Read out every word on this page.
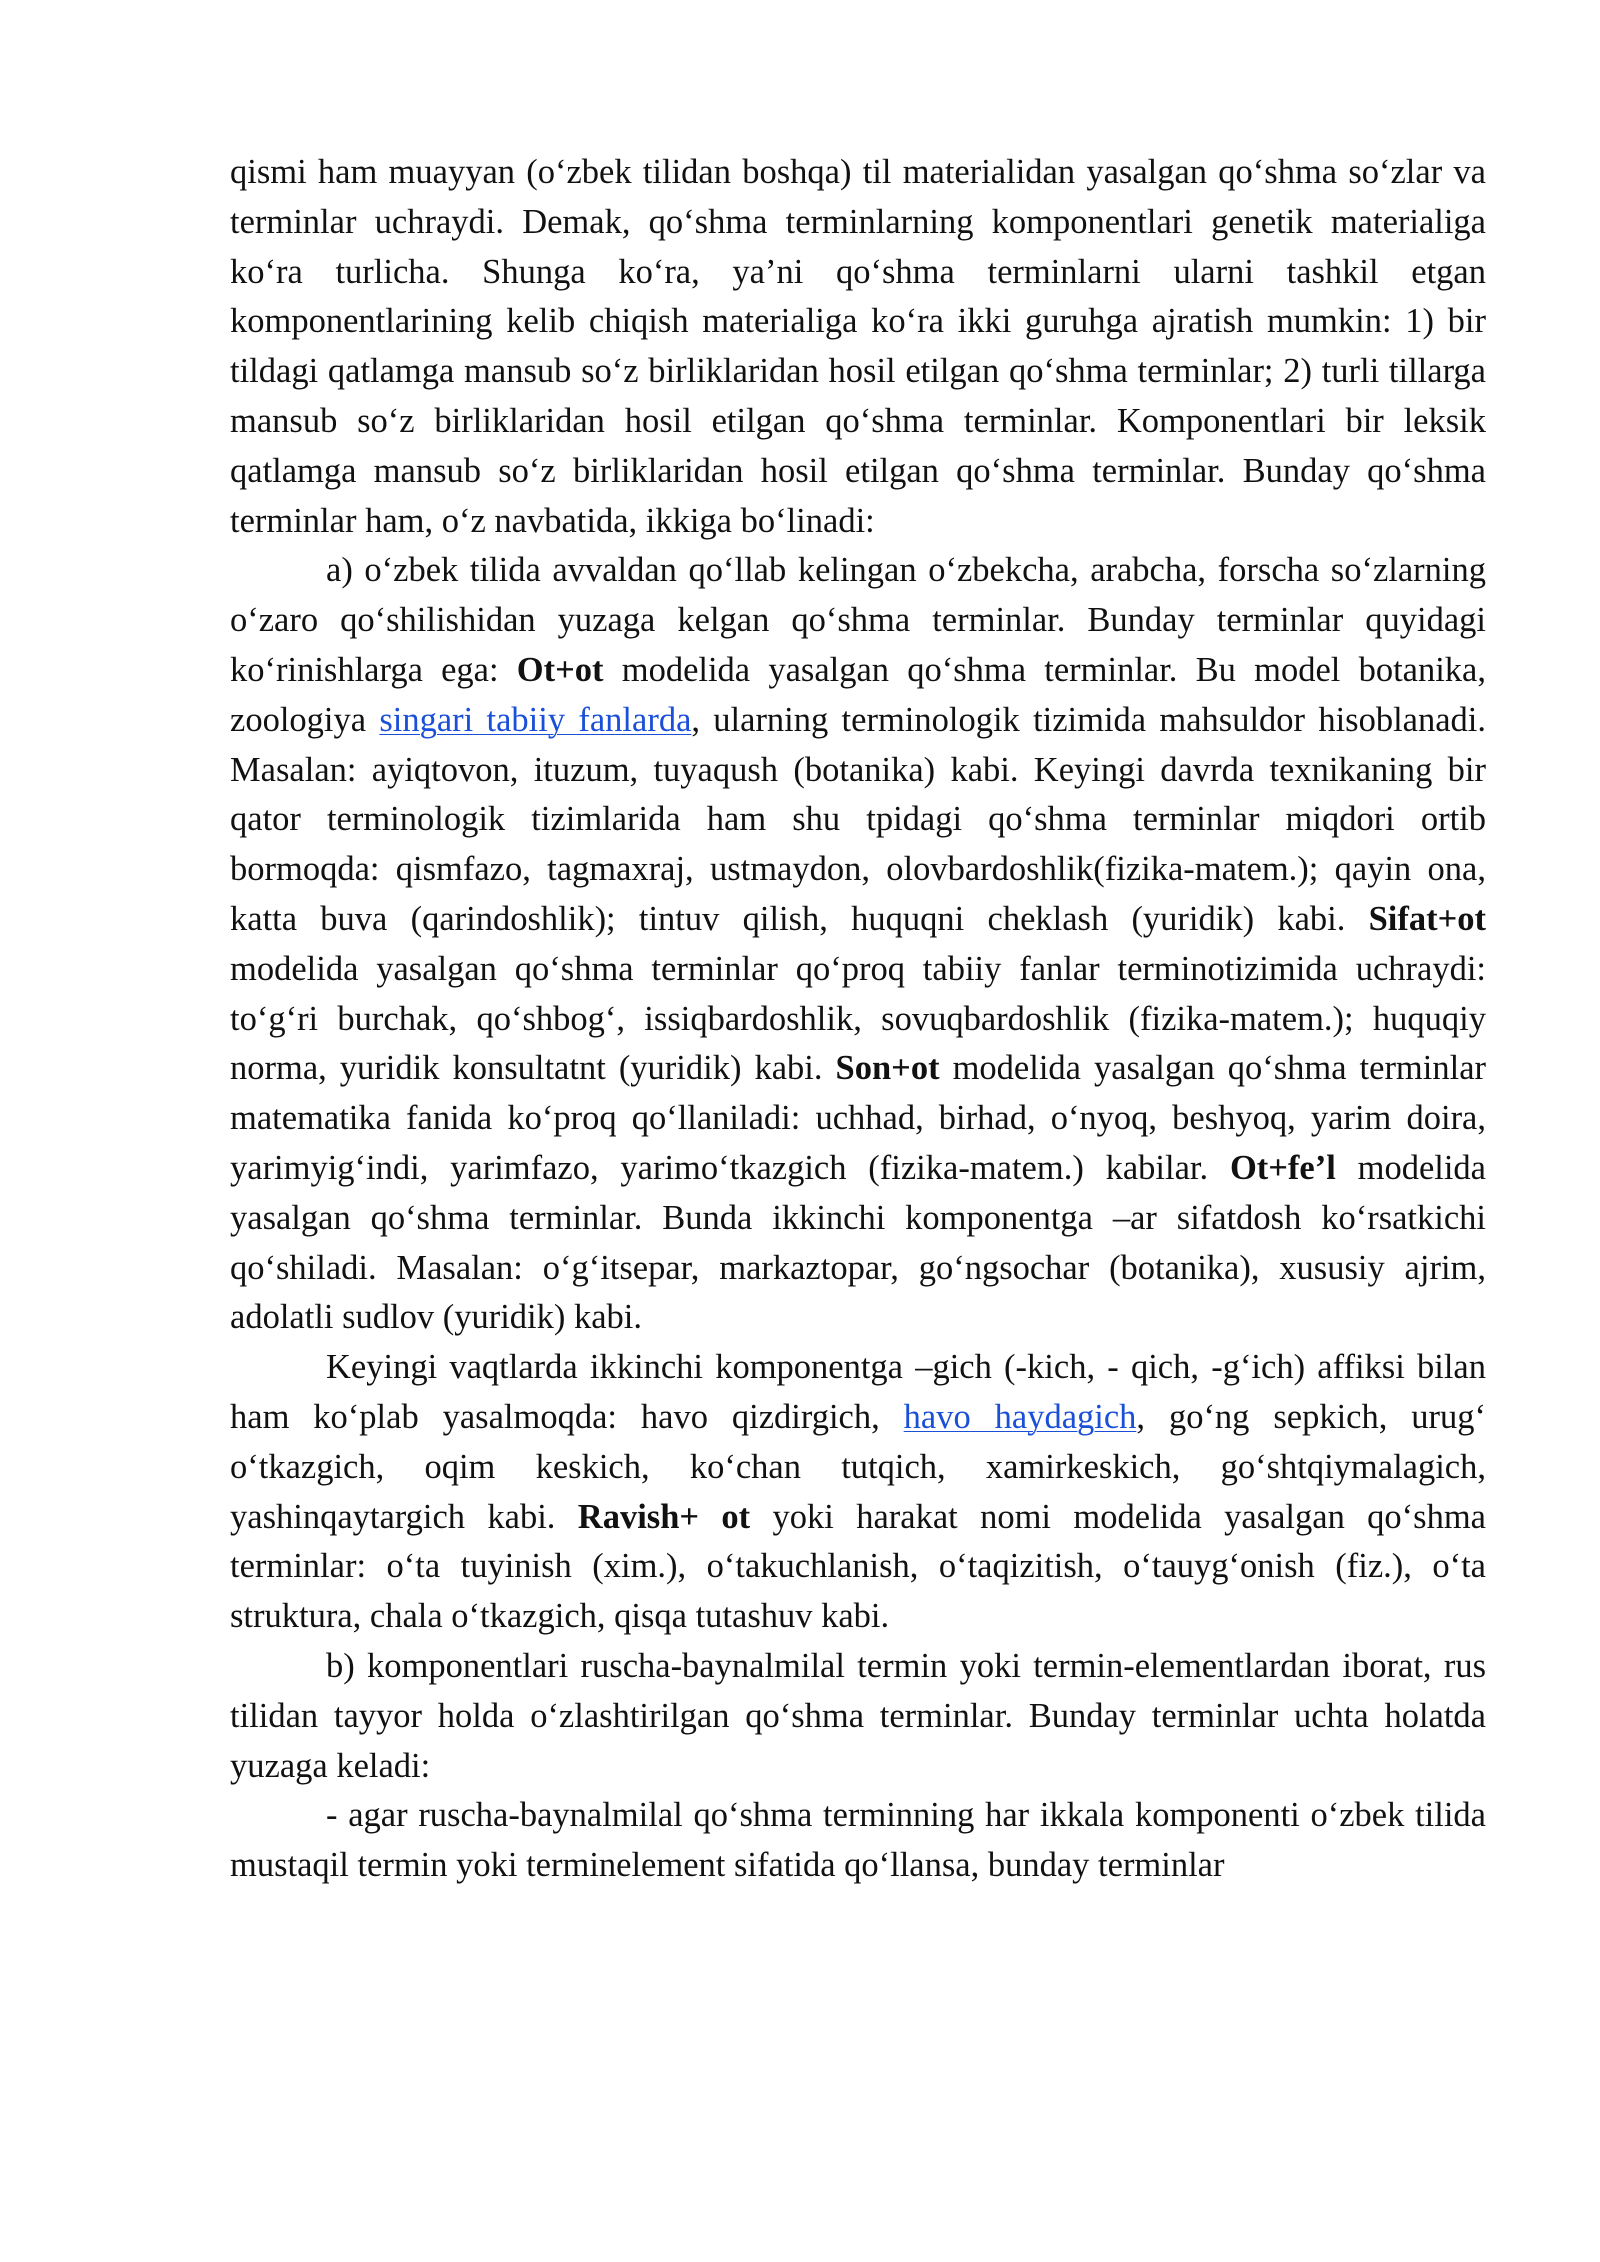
qismi ham muayyan (o‘zbek tilidan boshqa) til materialidan yasalgan qo‘shma so‘zlar va terminlar uchraydi. Demak, qo‘shma terminlarning komponentlari genetik materialiga ko‘ra turlicha. Shunga ko‘ra, ya’ni qo‘shma terminlarni ularni tashkil etgan komponentlarining kelib chiqish materialiga ko‘ra ikki guruhga ajratish mumkin: 1) bir tildagi qatlamga mansub so‘z birliklaridan hosil etilgan qo‘shma terminlar; 2) turli tillarga mansub so‘z birliklaridan hosil etilgan qo‘shma terminlar. Komponentlari bir leksik qatlamga mansub so‘z birliklaridan hosil etilgan qo‘shma terminlar. Bunday qo‘shma terminlar ham, o‘z navbatida, ikkiga bo‘linadi:

a) o‘zbek tilida avvaldan qo‘llab kelingan o‘zbekcha, arabcha, forscha so‘zlarning o‘zaro qo‘shilishidan yuzaga kelgan qo‘shma terminlar. Bunday terminlar quyidagi ko‘rinishlarga ega: Ot+ot modelida yasalgan qo‘shma terminlar. Bu model botanika, zoologiya singari tabiiy fanlarda, ularning terminologik tizimida mahsuldor hisoblanadi. Masalan: ayiqtovon, ituzum, tuyaqush (botanika) kabi. Keyingi davrda texnikaning bir qator terminologik tizimlarida ham shu tpidagi qo‘shma terminlar miqdori ortib bormoqda: qismfazo, tagmaxraj, ustmaydon, olovbardoshlik(fizika-matem.); qayin ona, katta buva (qarindoshlik); tintuv qilish, huquqni cheklash (yuridik) kabi. Sifat+ot modelida yasalgan qo‘shma terminlar qo‘proq tabiiy fanlar terminotizimida uchraydi: to‘g‘ri burchak, qo‘shbog‘, issiqbardoshlik, sovuqbardoshlik (fizika-matem.); huquqiy norma, yuridik konsultatnt (yuridik) kabi. Son+ot modelida yasalgan qo‘shma terminlar matematika fanida ko‘proq qo‘llaniladi: uchhad, birhad, o‘nyoq, beshyoq, yarim doira, yarimyig‘indi, yarimfazo, yarimo‘tkazgich (fizika-matem.) kabilar. Ot+fe’l modelida yasalgan qo‘shma terminlar. Bunda ikkinchi komponentga –ar sifatdosh ko‘rsatkichi qo‘shiladi. Masalan: o‘g‘itsepar, markaztopar, go‘ngsochar (botanika), xususiy ajrim, adolatli sudlov (yuridik) kabi.

Keyingi vaqtlarda ikkinchi komponentga –gich (-kich, - qich, -g‘ich) affiksi bilan ham ko‘plab yasalmoqda: havo qizdirgich, havo haydagich, go‘ng sepkich, urug‘ o‘tkazgich, oqim keskich, ko‘chan tutqich, xamirkeskich, go‘shtqiymalagich, yashinqaytargich kabi. Ravish+ ot yoki harakat nomi modelida yasalgan qo‘shma terminlar: o‘ta tuyinish (xim.), o‘takuchlanish, o‘taqizitish, o‘tauyg‘onish (fiz.), o‘ta struktura, chala o‘tkazgich, qisqa tutashuv kabi.

b) komponentlari ruscha-baynalmilal termin yoki termin-elementlardan iborat, rus tilidan tayyor holda o‘zlashtirilgan qo‘shma terminlar. Bunday terminlar uchta holatda yuzaga keladi:

- agar ruscha-baynalmilal qo‘shma terminning har ikkala komponenti o‘zbek tilida mustaqil termin yoki terminelement sifatida qo‘llansa, bunday terminlar
